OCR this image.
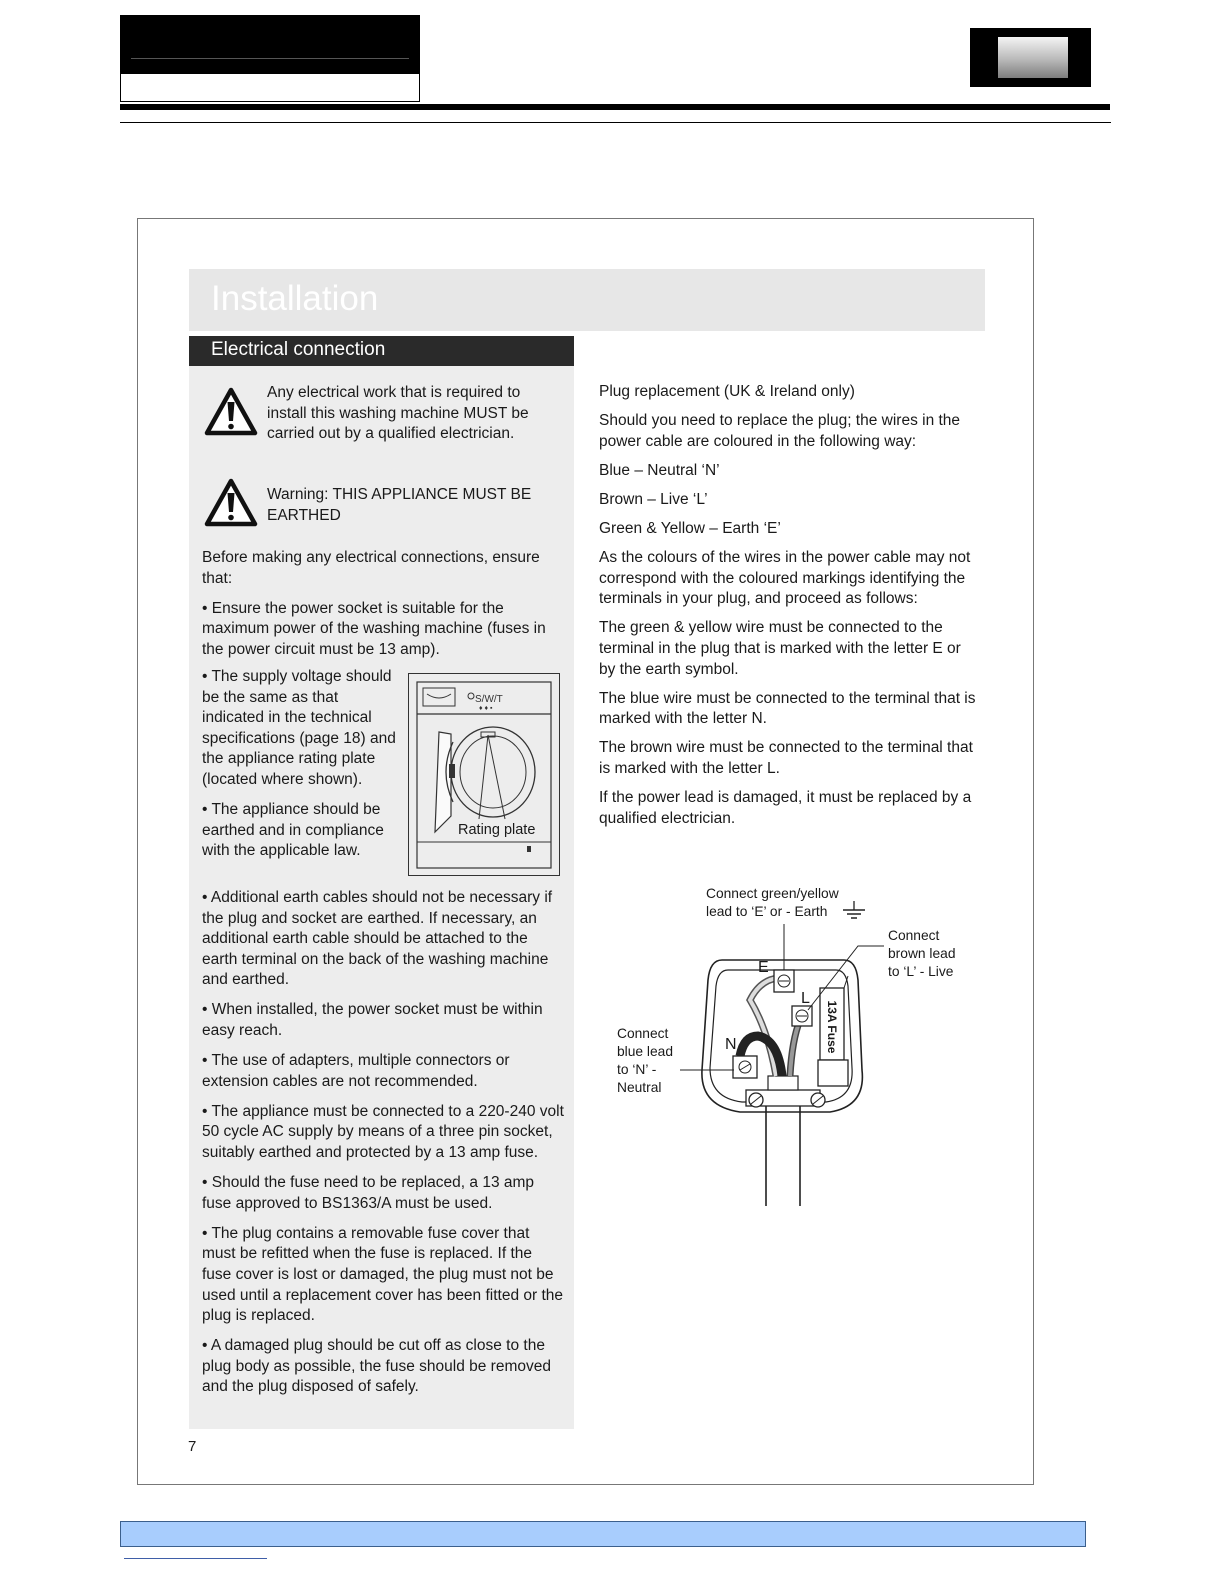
Installation
Electrical connection
Any electrical work that is required to install this washing machine MUST be carried out by a qualified electrician.
Warning: THIS APPLIANCE MUST BE EARTHED

Before making any electrical connections, ensure that:

• Ensure the power socket is suitable for the maximum power of the washing machine (fuses in the power circuit must be 13 amp).

• The supply voltage should be the same as that indicated in the technical specifications (page 18) and the appliance rating plate (located where shown).

• The appliance should be earthed and in compliance with the applicable law.

S/W/T
♦ ♦ ▪
Rating plate

• Additional earth cables should not be necessary if the plug and socket are earthed. If necessary, an additional earth cable should be attached to the earth terminal on the back of the washing machine and earthed.

• When installed, the power socket must be within easy reach.

• The use of adapters, multiple connectors or extension cables are not recommended.

• The appliance must be connected to a 220-240 volt 50 cycle AC supply by means of a three pin socket, suitably earthed and protected by a 13 amp fuse.

• Should the fuse need to be replaced, a 13 amp fuse approved to BS1363/A must be used.

• The plug contains a removable fuse cover that must be refitted when the fuse is replaced. If the fuse cover is lost or damaged, the plug must not be used until a replacement cover has been fitted or the plug is replaced.

• A damaged plug should be cut off as close to the plug body as possible, the fuse should be removed and the plug disposed of safely.

Plug replacement (UK & Ireland only)

Should you need to replace the plug; the wires in the power cable are coloured in the following way:

Blue – Neutral ‘N’

Brown – Live ‘L’

Green & Yellow – Earth ‘E’

As the colours of the wires in the power cable may not correspond with the coloured markings identifying the terminals in your plug, and proceed as follows:

The green & yellow wire must be connected to the terminal in the plug that is marked with the letter E or by the earth symbol.

The blue wire must be connected to the terminal that is marked with the letter N.

The brown wire must be connected to the terminal that is marked with the letter L.

If the power lead is damaged, it must be replaced by a qualified electrician.

Connect green/yellow
lead to ‘E’ or - Earth
Connect
brown lead
to ‘L’ - Live
Connect
blue lead
to ‘N’ -
Neutral
E
L
N	13A Fuse
7
